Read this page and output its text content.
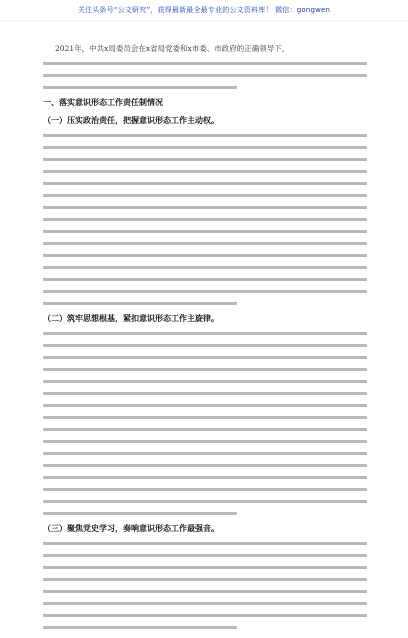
关注头条号“公文研究”，获得最新最全最专业的公文资料库！ 微信：gongwen
2021年，中共x局委员会在x省局党委和x市委、市政府的正确领导下，
一、落实意识形态工作责任制情况
（一）压实政治责任，把握意识形态工作主动权。
（二）筑牢思想根基，紧扣意识形态工作主旋律。
（三）聚焦党史学习，奏响意识形态工作最强音。
